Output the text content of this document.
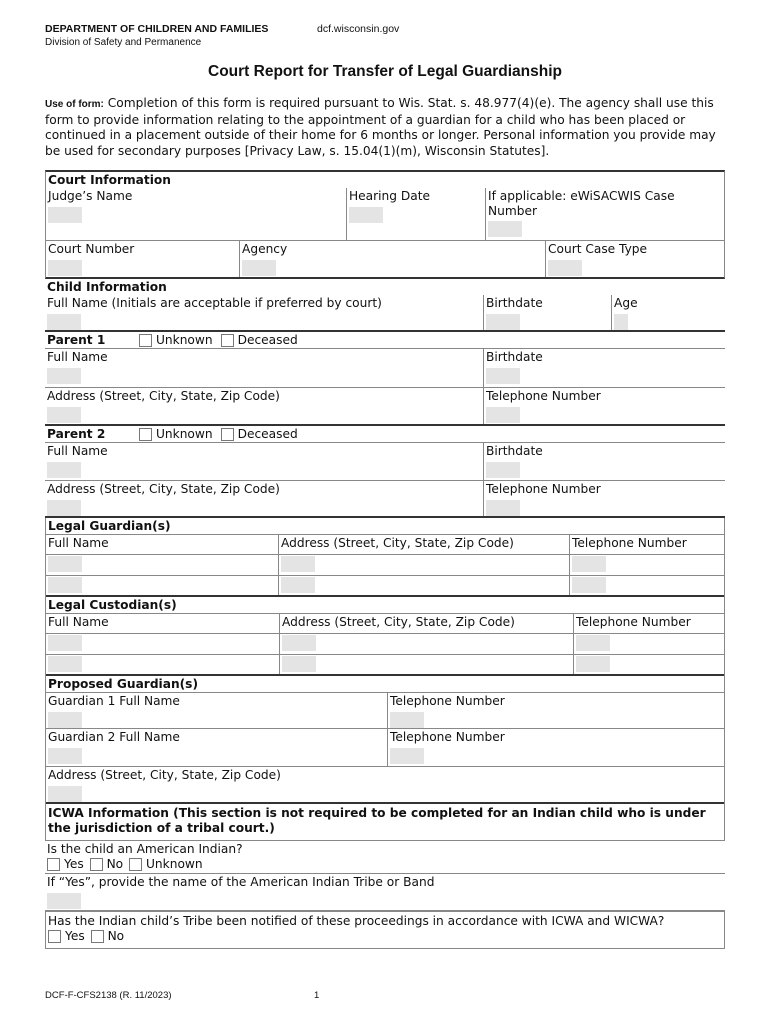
DEPARTMENT OF CHILDREN AND FAMILIES	dcf.wisconsin.gov
Division of Safety and Permanence
Court Report for Transfer of Legal Guardianship
Use of form: Completion of this form is required pursuant to Wis. Stat. s. 48.977(4)(e). The agency shall use this form to provide information relating to the appointment of a guardian for a child who has been placed or continued in a placement outside of their home for 6 months or longer. Personal information you provide may be used for secondary purposes [Privacy Law, s. 15.04(1)(m), Wisconsin Statutes].
Court Information
Judge’s Name	Hearing Date	If applicable: eWiSACWIS Case Number
Court Number	Agency	Court Case Type
Child Information
Full Name (Initials are acceptable if preferred by court)	Birthdate	Age
Parent 1	Unknown Deceased
Full Name	Birthdate
Address (Street, City, State, Zip Code)	Telephone Number
Parent 2	Unknown Deceased
Full Name	Birthdate
Address (Street, City, State, Zip Code)	Telephone Number
Legal Guardian(s)
Full Name	Address (Street, City, State, Zip Code)	Telephone Number
Legal Custodian(s)
Full Name	Address (Street, City, State, Zip Code)	Telephone Number
Proposed Guardian(s)
Guardian 1 Full Name	Telephone Number
Guardian 2 Full Name	Telephone Number
Address (Street, City, State, Zip Code)
ICWA Information (This section is not required to be completed for an Indian child who is under the jurisdiction of a tribal court.)
Is the child an American Indian?
Yes
No
Unknown
If “Yes”, provide the name of the American Indian Tribe or Band
Has the Indian child’s Tribe been notified of these proceedings in accordance with ICWA and WICWA?
Yes
No
DCF-F-CFS2138 (R. 11/2023)	1
